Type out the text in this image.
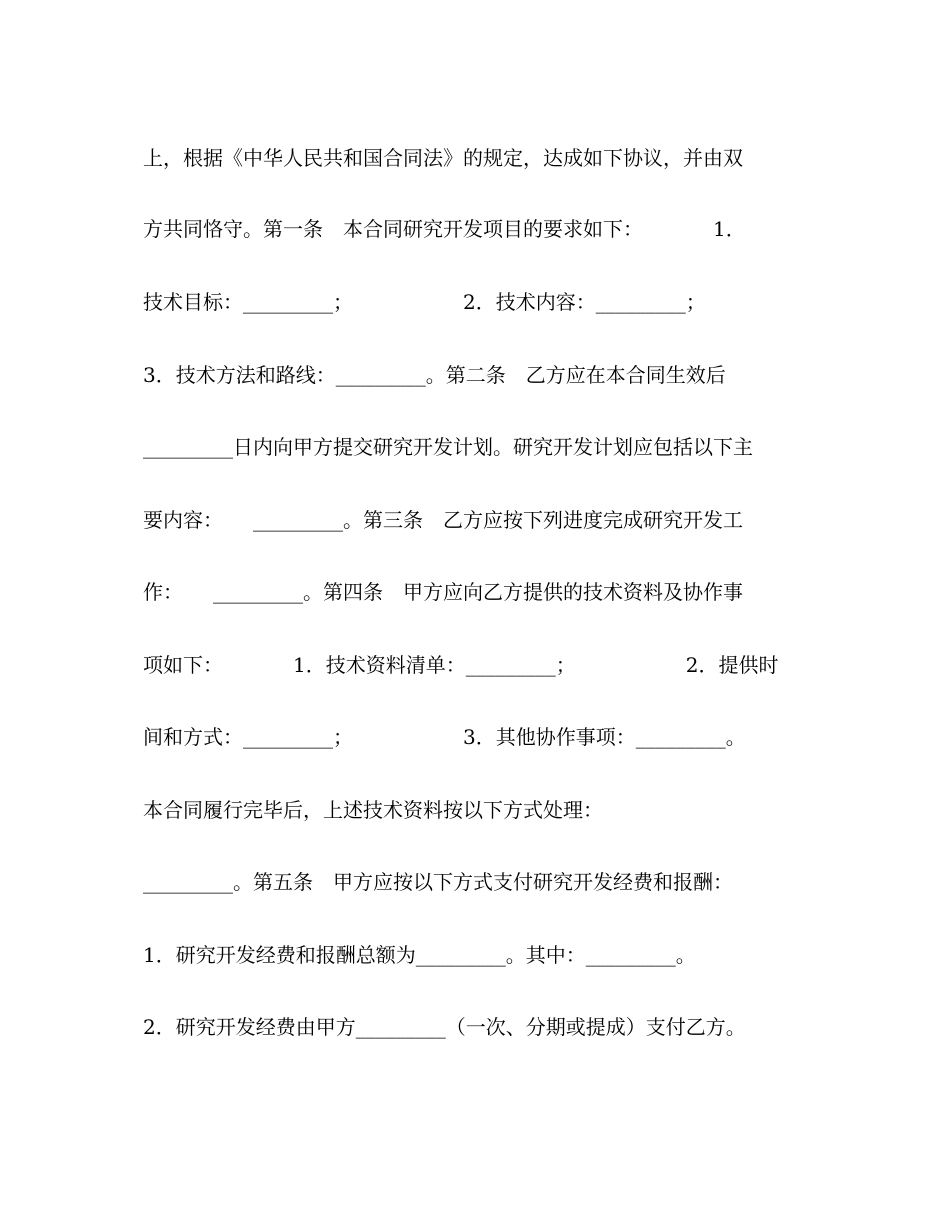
上，根据《中华人民共和国合同法》的规定，达成如下协议，并由双
方共同恪守。第一条　本合同研究开发项目的要求如下：　　　　1．
技术目标：_________；　　　　　　2．技术内容：_________；
3．技术方法和路线：_________。第二条　乙方应在本合同生效后
_________日内向甲方提交研究开发计划。研究开发计划应包括以下主
要内容：　　_________。第三条　乙方应按下列进度完成研究开发工
作：　　_________。第四条　甲方应向乙方提供的技术资料及协作事
项如下：　　　　1．技术资料清单：_________；　　　　　　2．提供时
间和方式：_________；　　　　　　3．其他协作事项：_________。
本合同履行完毕后，上述技术资料按以下方式处理：
_________。第五条　甲方应按以下方式支付研究开发经费和报酬：
1．研究开发经费和报酬总额为_________。其中：_________。
2．研究开发经费由甲方_________（一次、分期或提成）支付乙方。
